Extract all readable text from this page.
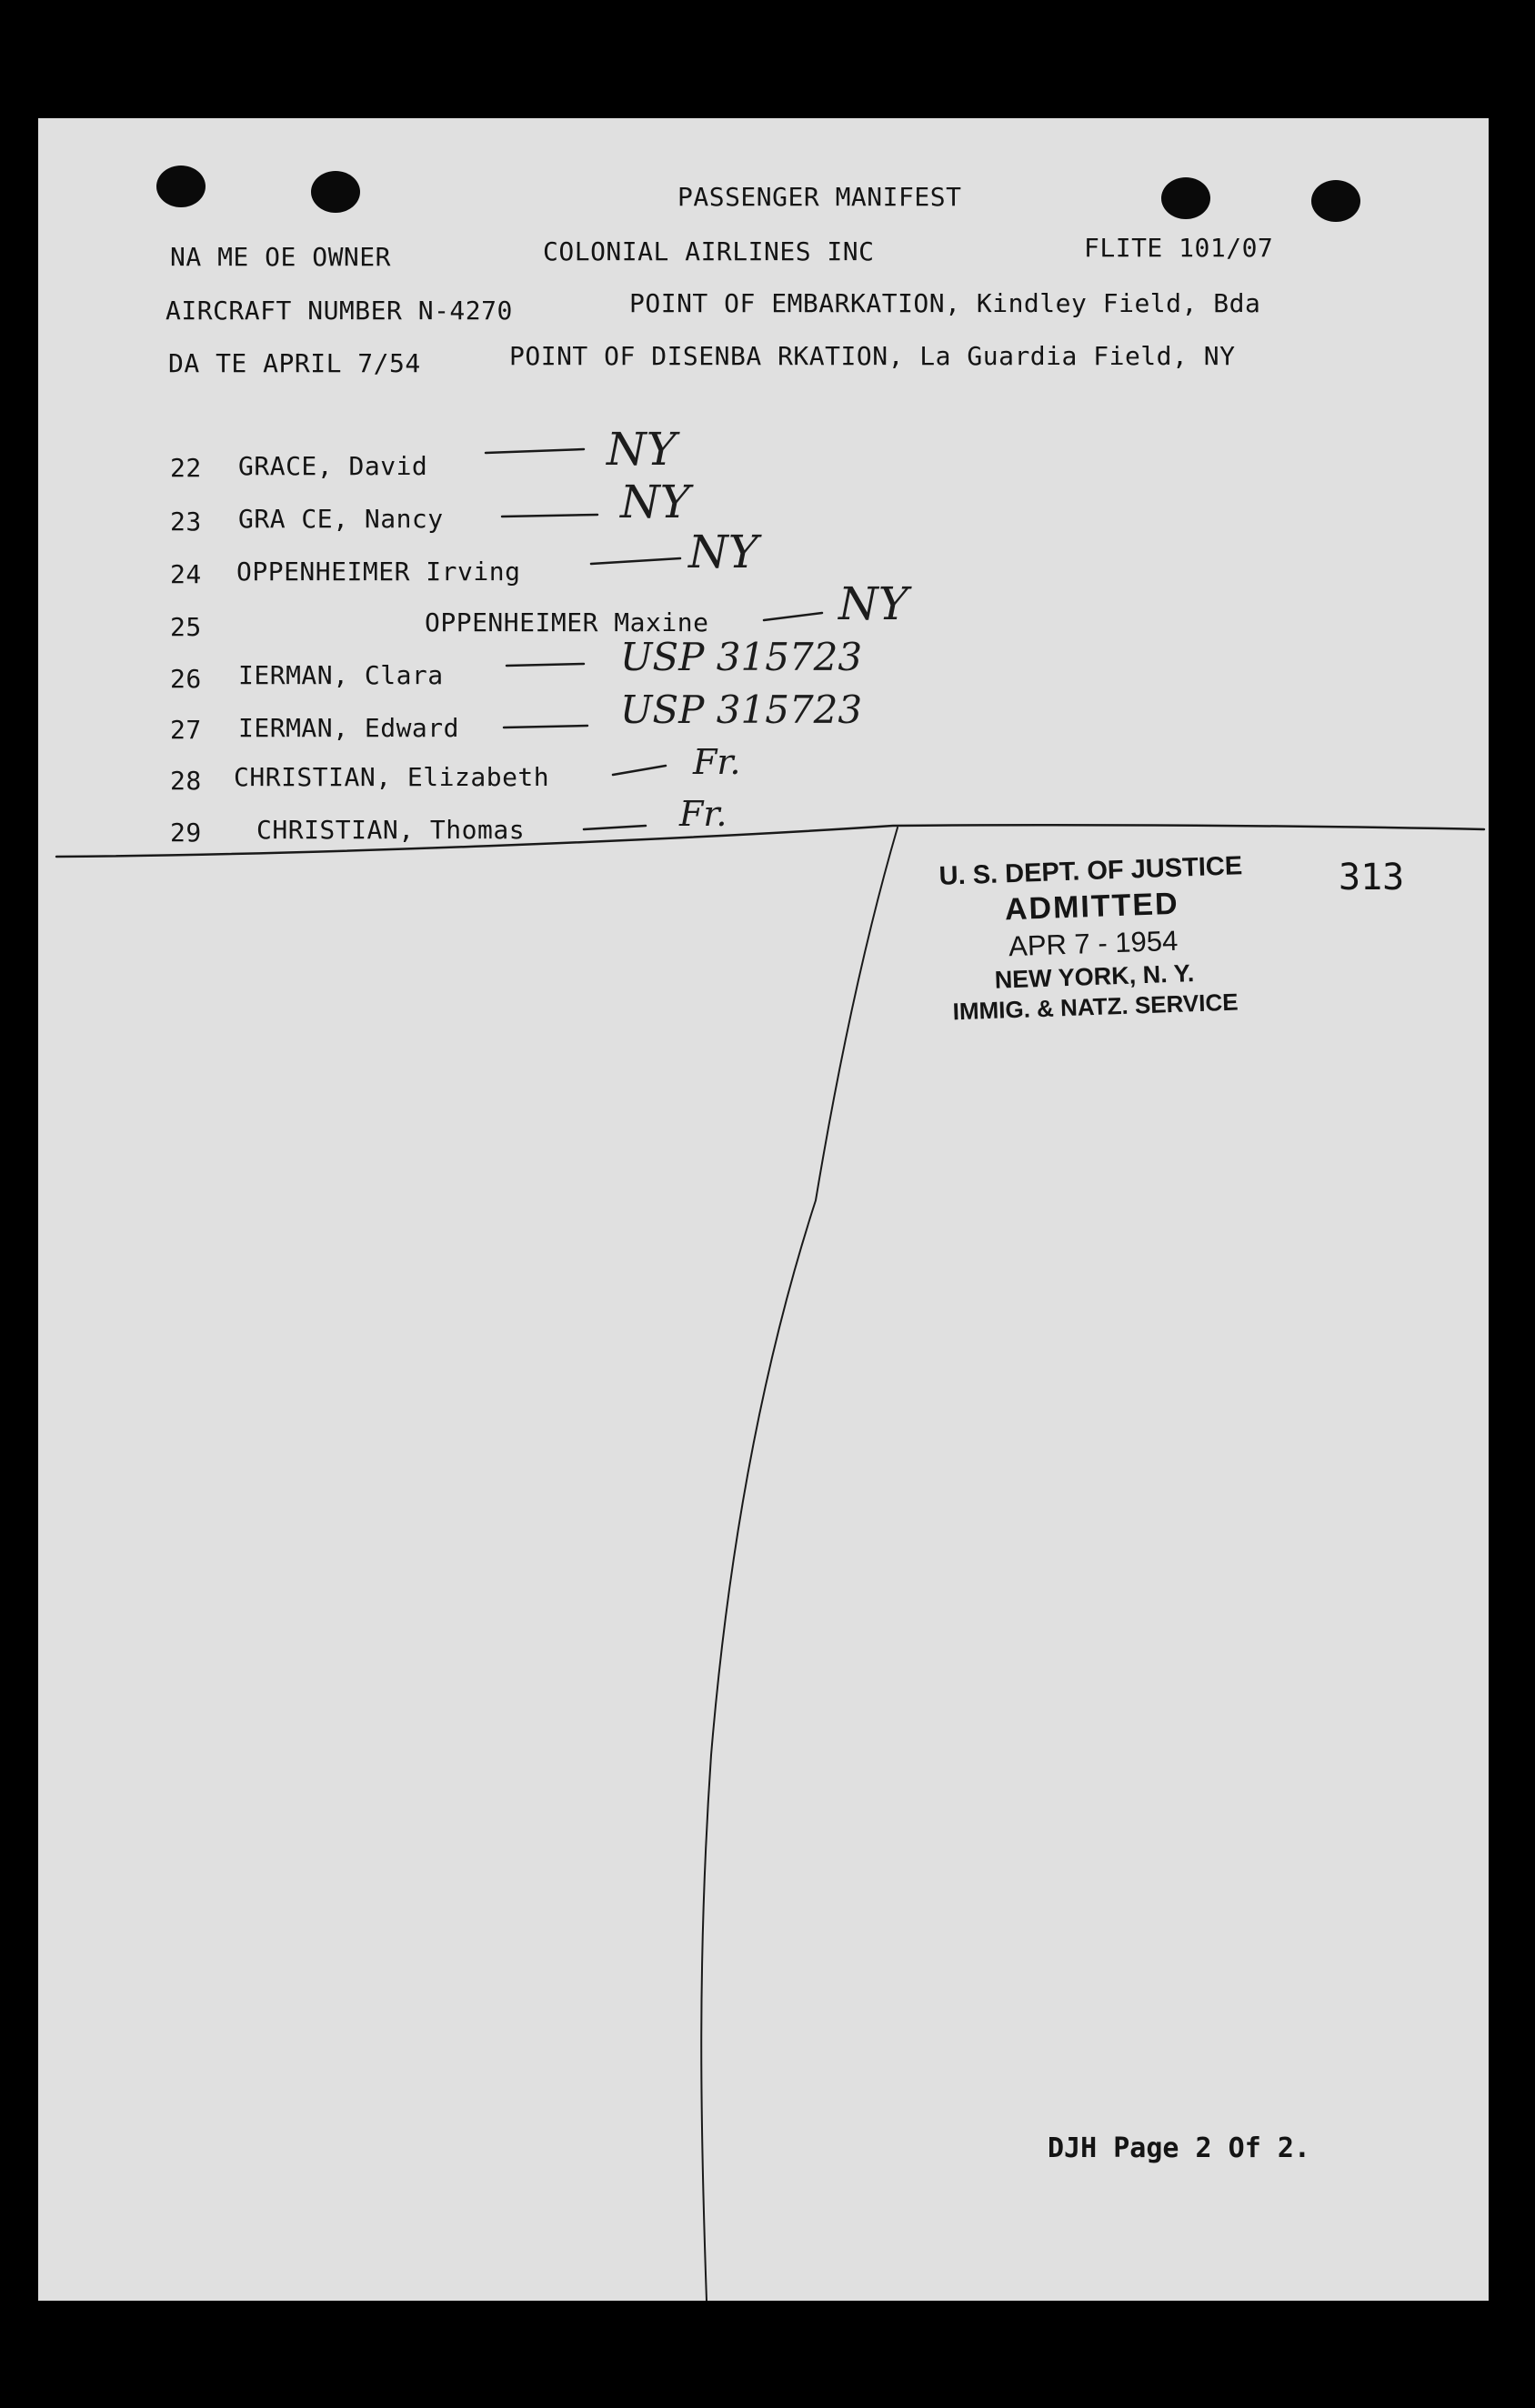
PASSENGER MANIFEST
NA ME OE OWNER	COLONIAL AIRLINES INC	FLITE 101/07
AIRCRAFT NUMBER N-4270	POINT OF EMBARKATION, Kindley Field, Bda
DA TE APRIL 7/54	POINT OF DISENBA RKATION, La Guardia Field, NY
22 GRACE, David	NY
23 GRA CE, Nancy	NY
24 OPPENHEIMER Irving	NY
25	OPPENHEIMER Maxine	NY
26 IERMAN, Clara	USP 315723
27 IERMAN, Edward	USP 315723
28 CHRISTIAN, Elizabeth	Fr.
29 CHRISTIAN, Thomas	Fr.
U. S. DEPT. OF JUSTICE
ADMITTED
APR 7 - 1954
NEW YORK, N. Y.
IMMIG. & NATZ. SERVICE
313
DJH Page 2 Of 2.
